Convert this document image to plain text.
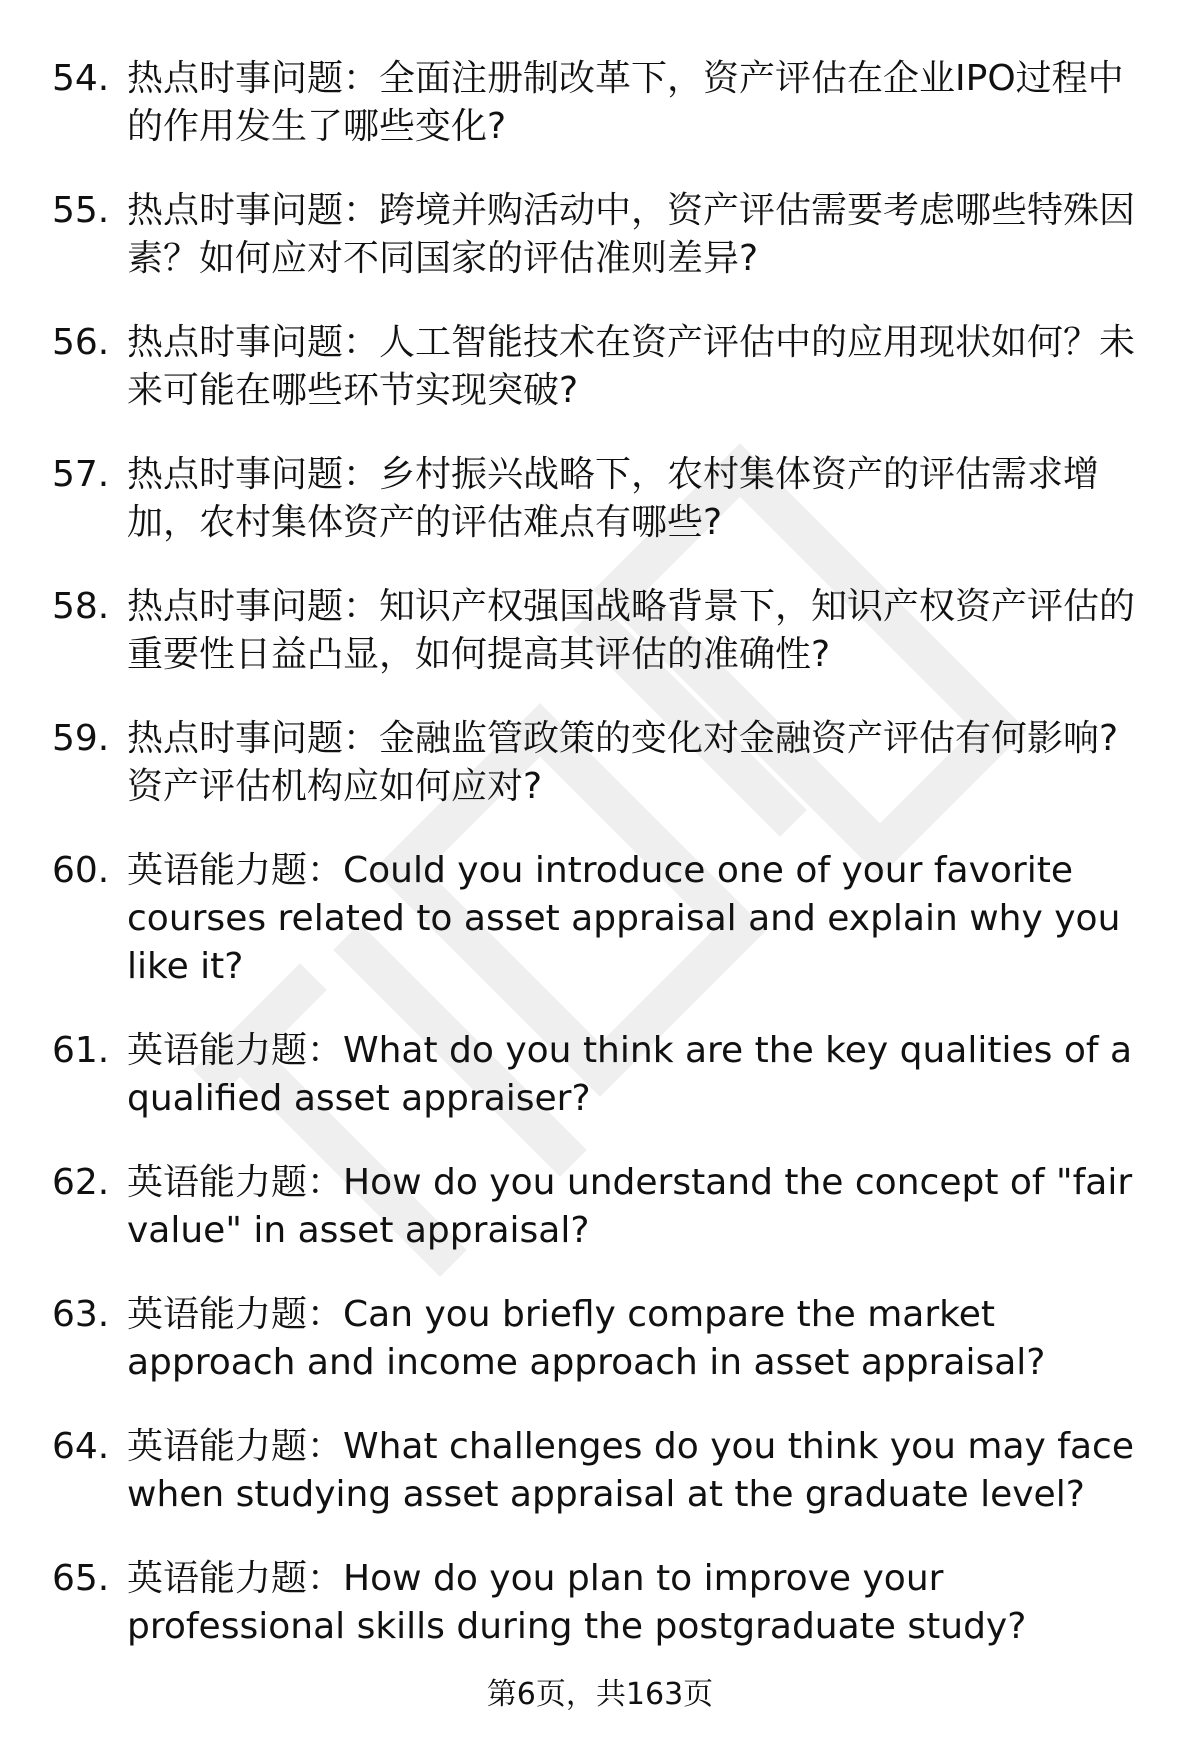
54. 热点时事问题：全面注册制改革下，资产评估在企业IPO过程中的作用发生了哪些变化?
55. 热点时事问题：跨境并购活动中，资产评估需要考虑哪些特殊因素？如何应对不同国家的评估准则差异?
56. 热点时事问题：人工智能技术在资产评估中的应用现状如何？未来可能在哪些环节实现突破?
57. 热点时事问题：乡村振兴战略下，农村集体资产的评估需求增加，农村集体资产的评估难点有哪些?
58. 热点时事问题：知识产权强国战略背景下，知识产权资产评估的重要性日益凸显，如何提高其评估的准确性?
59. 热点时事问题：金融监管政策的变化对金融资产评估有何影响?资产评估机构应如何应对?
60. 英语能力题：Could you introduce one of your favorite courses related to asset appraisal and explain why you like it?
61. 英语能力题：What do you think are the key qualities of a qualified asset appraiser?
62. 英语能力题：How do you understand the concept of "fair value" in asset appraisal?
63. 英语能力题：Can you briefly compare the market approach and income approach in asset appraisal?
64. 英语能力题：What challenges do you think you may face when studying asset appraisal at the graduate level?
65. 英语能力题：How do you plan to improve your professional skills during the postgraduate study?
第6页，共163页
